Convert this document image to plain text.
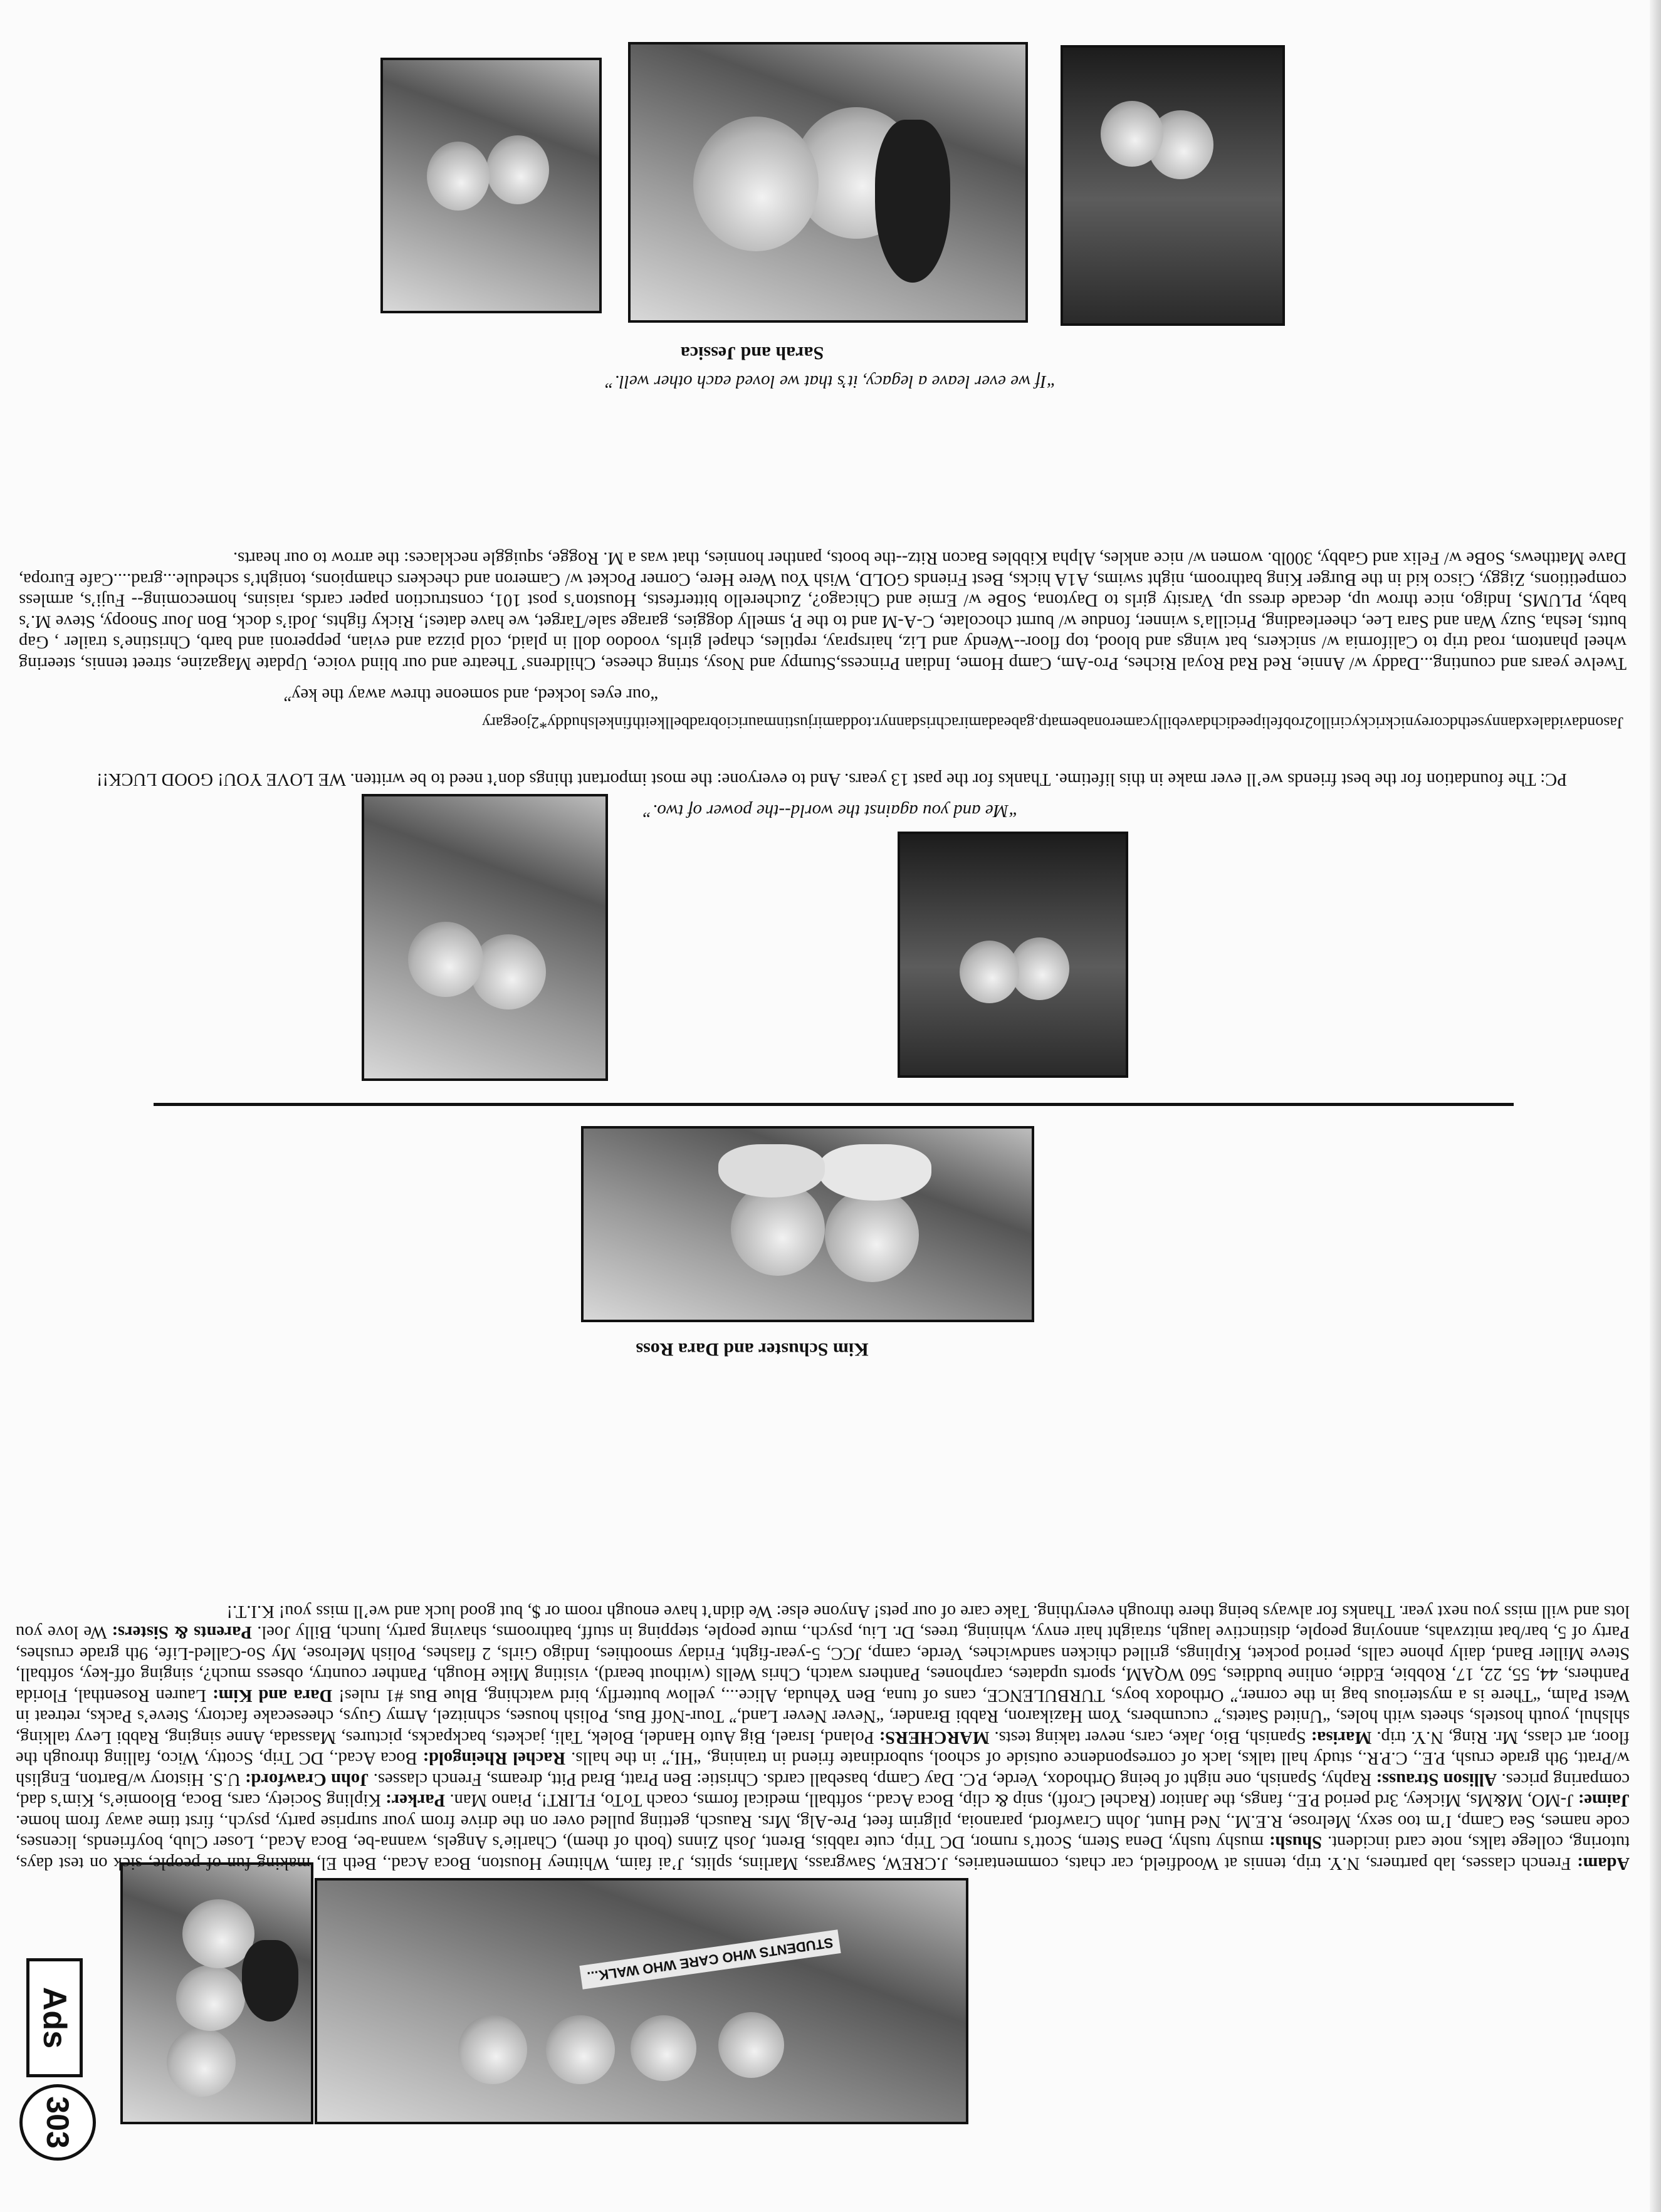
Ads
303
STUDENTS WHO CARE WHO WALK...
Adam: French classes, lab partners, N.Y. trip, tennis at Woodfield, car chats, commentaries, J.CREW, Sawgrass, Marlins, splits, J’ai faim, Whitney Houston, Boca Acad., Beth El, making fun of people, sick on test days, tutoring, college talks, note card incident. Shush: mushy tushy, Dena Stern, Scott’s rumor, DC Trip, cute rabbis, Brent, Josh Zinns (both of them), Charlie’s Angels, wanna-be, Boca Acad., Loser Club, boyfriends, licenses, code names, Sea Camp, I’m too sexy, Melrose, R.E.M., Ned Hunt, John Crawford, paranoia, pilgrim feet, Pre-Alg, Mrs. Rausch, getting pulled over on the drive from your surprise party, psych., first time away from home. Jaime: J-MO, M&Ms, Mickey, 3rd period P.E., fangs, the Janitor (Rachel Croft), snip & clip, Boca Acad., softball, medical forms, coach ToTo, FLIRT!, Piano Man. Parker: Kipling Society, cars, Boca, Bloomie’s, Kim’s dad, comparing prices. Allison Strauss: Raphy, Spanish, one night of being Orthodox, Verde, P.C. Day Camp, baseball cards. Christie: Ben Pratt, Brad Pitt, dreams, French classes. John Crawford: U.S. History w/Barton, English w/Pratt, 9th grade crush, P.E., C.P.R., study hall talks, lack of correspondence outside of school, subordinate friend in training, “HI,” in the halls. Rachel Rheingold: Boca Acad., DC Trip, Scotty, Wico, falling through the floor, art class, Mr. Ring, N.Y. trip. Marisa: Spanish, Bio, Jake, cars, never taking tests. MARCHERS: Poland, Israel, Big Auto Handel, Bolek, Tali, jackets, backpacks, pictures, Massada, Anne singing, Rabbi Levy talking, shlshul, youth hostels, sheets with holes, “United Satets,” cucumbers, Yom Hazikaron, Rabbi Brander, “Never Never Land,” Tour-Noff Bus, Polish houses, schnitzel, Army Guys, cheesecake factory, Steve’s Packs, retreat in West Palm, “There is a mysterious bag in the corner,” Orthodox boys, TURBULENCE, cans of tuna, Ben Yehuda, Alice..., yellow butterfly, bird watching, Blue Bus #1 rules! Dara and Kim: Lauren Rosenthal, Florida Panthers, 44, 55, 22, 17, Robbie, Eddie, online buddies, 560 WQAM, sports updates, carphones, Panthers watch, Chris Wells (without beard), visiting Mike Hough, Panther country, obsess much?, singing off-key, softball, Steve Miller Band, daily phone calls, period pocket, Kiplings, grilled chicken sandwiches, Verde, camp, JCC, 5-year-fight, Friday smoothies, Indigo Girls, 2 flashes, Polish Melrose, My So-Called-Life, 9th grade crushes, Party of 5, bar/bat mitzvahs, annoying people, distinctive laugh, straight hair envy, whining, trees, Dr. Liu, psych., mute people, stepping in stuff, bathrooms, shaving party, lunch, Billy Joel. Parents & Sisters: We love you lots and will miss you next year. Thanks for always being there through everything. Take care of our pets! Anyone else: We didn’t have enough room or $, but good luck and we’ll miss you! K.I.T.!
Kim Schuster and Dara Ross
“Me and you against the world--the power of two.”
PC: The foundation for the best friends we’ll ever make in this lifetime. Thanks for the past 13 years. And to everyone: the most important things don’t need to be written. WE LOVE YOU! GOOD LUCK!!
Jasondavidalexdannysethdcoreynickrickycirillo2robfelipeedichdavebillycameronabematp.gabeadamirachrisdannyr.toddamirjustinmauriciobradbellkeithfinkelshuddy*2joegary
“our eyes locked, and someone threw away the key”
Twelve years and counting...Daddy w/ Annie, Red Rad Royal Riches, Pro-Am, Camp Home, Indian Princess,Stumpy and Nosy, string cheese, Childrens’ Theatre and our blind voice, Update Magazine, street tennis, steering wheel phantom, road trip to California w/ snickers, bat wings and blood, top floor--Wendy and Liz, hairspray, reptiles, chapel girls, voodoo doll in plaid, cold pizza and evian, pepperoni and barb, Christine’s trailer , Gap butts, Iesha, Suzy Wan and Sara Lee, cheerleading, Pricilla’s winner, fondue w/ burnt chocolate, C-A-M and to the P, smelly doggies, garage sale/Target, we have dates!, Ricky fights, Jodi’s dock, Bon Jour Snoopy, Steve M.’s baby, PLUMS, Indigo, nice throw up, decade dress up, Varsity girls to Daytona, SoBe w/ Ernie and Chicago?, Zucherello bitterfests, Houston’s post 101, construction paper cards, raisins, homecoming-- Fuji’s, armless competitions, Ziggy, Cisco kid in the Burger King bathroom, night swims, A1A hicks, Best Friends GOLD, Wish You Were Here, Corner Pocket w/ Cameron and checkers champions, tonight’s schedule...grad....Cafe Europa, Dave Matthews, SoBe w/ Felix and Gabby, 300lb. women w/ nice ankles, Alpha Kibbles Bacon Ritz--the boots, panther honnies, that was a M. Rogge, squiggle necklaces: the arrow to our hearts.
“If we ever leave a legacy, it’s that we loved each other well.”
Sarah and Jessica
